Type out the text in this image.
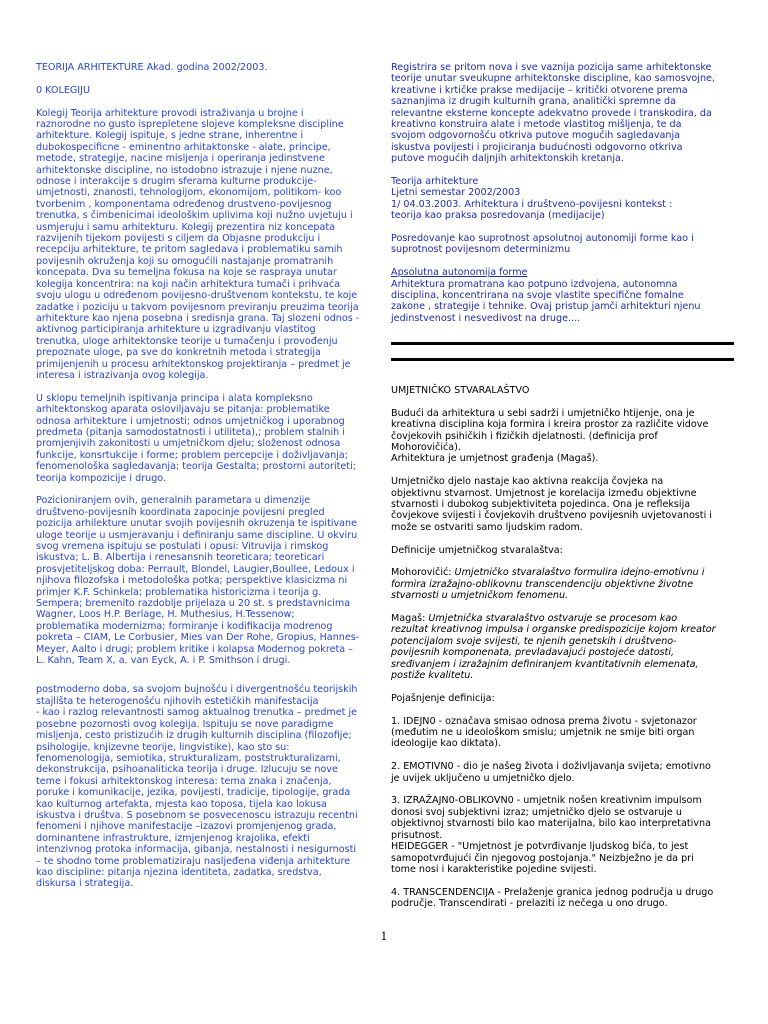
TEORIJA ARHITEKTURE Akad. godina 2002/2003.

0 KOLEGIJU

Kolegij Teorija arhitekture provodi istraživanja u brojne i
raznorodne no gusto isprepletene slojeve kompleksne discipline
arhitekture. Kolegij ispituje, s jedne strane, inherentne i
dubokospecificne - eminentno arhitaktonske - alate, principe,
metode, strategije, nacine misljenja i operiranja jedinstvene
arhitektonske discipline, no istodobno istrazuje i njene nuzne,
odnose i interakcije s drugim sferama kulturne produkcije-
umjetnosti, znanosti, tehnologijom, ekonomijom, politikom- koo
tvorbenim , komponentama određenog drustveno-povijesnog
trenutka, s čimbenicimai ideološkim uplivima koji nužno uvjetuju i
usmjeruju i samu arhitekturu. Kolegij prezentira niz koncepata
razvijenih tijekom povijesti s ciljem da Objasne produkciju i
recepciju arhitekture, te pritom sagledava i problematiku samih
povijesnih okruženja koji su omogućili nastajanje promatranih
koncepata. Dva su temeljna fokusa na koje se raspraya unutar
kolegija koncentrira: na koji način arhitektura tumači i prihvaća
svoju ulogu u određenom povijesno-društvenom kontekstu, te koje
zadatke i poziciju u takvom povijesnom previranju preuzima teorija
arhitekture kao njena posebna i sredisnja grana. Taj slozeni odnos -
aktivnog participiranja arhitekture u izgradivanju vlastitog
trenutka, uloge arhitektonske teorije u tumačenju i provođenju
prepoznate uloge, pa sve do konkretnih metoda i strategija
primijenjenih u procesu arhitektonskog projektiranja – predmet je
interesa i istrazivanja ovog kolegija.

U sklopu temeljnih ispitivanja principa i alata kompleksno
arhitektonskog aparata osloviljavaju se pitanja: problematike
odnosa arhitekture i umjetnosti; odnos umjetničkog i uporabnog
predmeta (pitanja samodostatnosti i utiliteta),; problem stalnih i
promjenjivih zakonitosti u umjetničkom djelu; složenost odnosa
funkcije, konsrtukcije i forme; problem percepcije i doživljavanja;
fenomenološka sagledavanja; teorija Gestalta; prostorni autoriteti;
teorija kompozicije i drugo.

Pozicioniranjem ovih, generalnih parametara u dimenzije
društveno-povijesnih koordinata zapocinje povijesni pregled
pozicija arhilekture unutar svojih povijesnih okruzenja te ispitivane
uloge teorije u usmjeravanju i definiranju same discipline. U okviru
svog vremena ispituju se postulati i opusi: Vitruvija i rimskog
iskustva; L. B. Albertija i renesansnih teoreticara; teoreticari
prosvjetiteljskog doba: Perrault, Blondel, Laugier,Boullee, Ledoux i
njihova filozofska i metodološka potka; perspektive klasicizma ni
primjer K.F. Schinkela; problematika historicizma i teorija g.
Sempera; bremenito razdoblje prijelaza u 20 st. s predstavnicima
Wagner, Loos H.P. Berlage, H. Muthesius, H.Tessenow;
problematika modernizma; formiranje i kodifikacija modrenog
pokreta – CIAM, Le Corbusier, Mies van Der Rohe, Gropius, Hannes-
Meyer, Aalto i drugi; problem kritike i kolapsa Modernog pokreta –
L. Kahn, Team X, a. van Eyck, A. i P. Smithson i drugi.

postmoderno doba, sa svojom bujnošću i divergentnošću teorijskih
stajlišta te heterogenošću njihovih estetičkih manifestacija
- kao i razlog relevantnosti samog aktualnog trenutka – predmet je
posebne pozornosti ovog kolegija. Ispituju se nove paradigme
misljenja, cesto pristizućih iz drugih kulturnih disciplina (filozofije;
psihologije, knjizevne teorije, lingvistike), kao sto su:
fenomenologija, semiotika, strukturalizam, poststrukturalizami,
dekonstrukcija, psihoanaliticka teorija i druge. Izlucuju se nove
teme i fokusi arhitektonskog interesa: tema znaka i značenja,
poruke i komunikacije, jezika, povijesti, tradicije, tipologije, grada
kao kulturnog artefakta, mjesta kao toposa, tijela kao lokusa
iskustva i društva. S posebnom se posvecenoscu istrazuju recentni
fenomeni i njihove manifestacije –izazovi promjenjenog grada,
dominantene infrastrukture, izmjenjenog krajolika, efekti
intenzivnog protoka informacija, gibanja, nestalnosti i nesigurnosti
– te shodno tome problematiziraju nasljeđena viđenja arhitekture
kao discipline: pitanja njezina identiteta, zadatka, sredstva,
diskursa i strategija.

Registrira se pritom nova i sve vaznija pozicija same arhitektonske
teorije unutar sveukupne arhitektonske discipline, kao samosvojne,
kreativne i krtičke prakse medijacije – kritički otvorene prema
saznanjima iz drugih kulturnih grana, analitički spremne da
relevantne eksterne koncepte adekvatno provede i transkodira, da
kreativno konstruira alate i metode vlastitog mišljenja, te da
svojom odgovornošću otkriva putove mogućih sagledavanja
iskustva povijesti i projiciranja budućnosti odgovorno otkriva
putove mogućih daljnjih arhitektonskih kretanja.

Teorija arhitekture

Ljetni semestar 2002/2003

1/ 04.03.2003. Arhitektura i društveno-povijesni kontekst :

teorija kao praksa posredovanja (medijacije)

Posredovanje kao suprotnost apsolutnoj autonomiji forme kao i
suprotnost povijesnom determinizmu

Apsolutna autonomija forme

Arhitektura promatrana kao potpuno izdvojena, autonomna
disciplina, koncentrirana na svoje vlastite specifične fomalne
zakone , strategije i tehnike. Ovaj pristup jamči arhitekturi njenu
jedinstvenost i nesvedivost na druge....

UMJETNIČKO STVARALAŠTVO

Budući da arhitektura u sebi sadrži i umjetničko htijenje, ona je
kreativna disciplina koja formira i kreira prostor za različite vidove
čovjekovih psihičkih i fizičkih djelatnosti. (definicija prof
Mohorovičića).
Arhitektura je umjetnost građenja (Magaš).

Umjetničko djelo nastaje kao aktivna reakcija čovjeka na
objektivnu stvarnost. Umjetnost je korelacija između objektivne
stvarnosti i dubokog subjektiviteta pojedinca. Ona je refleksija
čovjekove svijesti i čovjekovih društveno povijesnih uvjetovanosti i
može se ostvariti samo ljudskim radom.

Definicije umjetničkog stvaralaštva:

Mohorovičić: Umjetničko stvaralaštvo formulira idejno-emotivnu i
formira izražajno-oblikovnu transcendenciju objektivne životne
stvarnosti u umjetničkom fenomenu.

Magaš: Umjetnička stvaralaštvo ostvaruje se procesom kao
rezultat kreativnog impulsa i organske predispozicije kojom kreator
potencijalom svoje svijesti, te njenih genetskih i društveno-
povijesnih komponenata, prevladavajući postojeće datosti,
sređivanjem i izražajnim definiranjem kvantitativnih elemenata,
postiže kvalitetu.

Pojašnjenje definicija:

1. IDEJN0 - označava smisao odnosa prema životu - svjetonazor
(međutim ne u ideološkom smislu; umjetnik ne smije biti organ
ideologije kao diktata).

2. EMOTIVN0 - dio je našeg života i doživljavanja svijeta; emotivno
je uvijek uključeno u umjetničko djelo.

3. IZRAŽAJN0-OBLIKOVN0 - umjetnik nošen kreativnim impulsom
donosi svoj subjektivni izraz; umjetničko djelo se ostvaruje u
objektivnoj stvarnosti bilo kao materijalna, bilo kao interpretativna
prisutnost.
HEIDEGGER - "Umjetnost je potvrđivanje ljudskog bića, to jest
samopotvrđujući čin njegovog postojanja." Neizbježno je da pri
tome nosi i karakteristike pojedine svijesti.

4. TRANSCENDENCIJA - Prelaženje granica jednog područja u drugo
područje. Transcendirati - prelaziti iz nečega u ono drugo.

1
